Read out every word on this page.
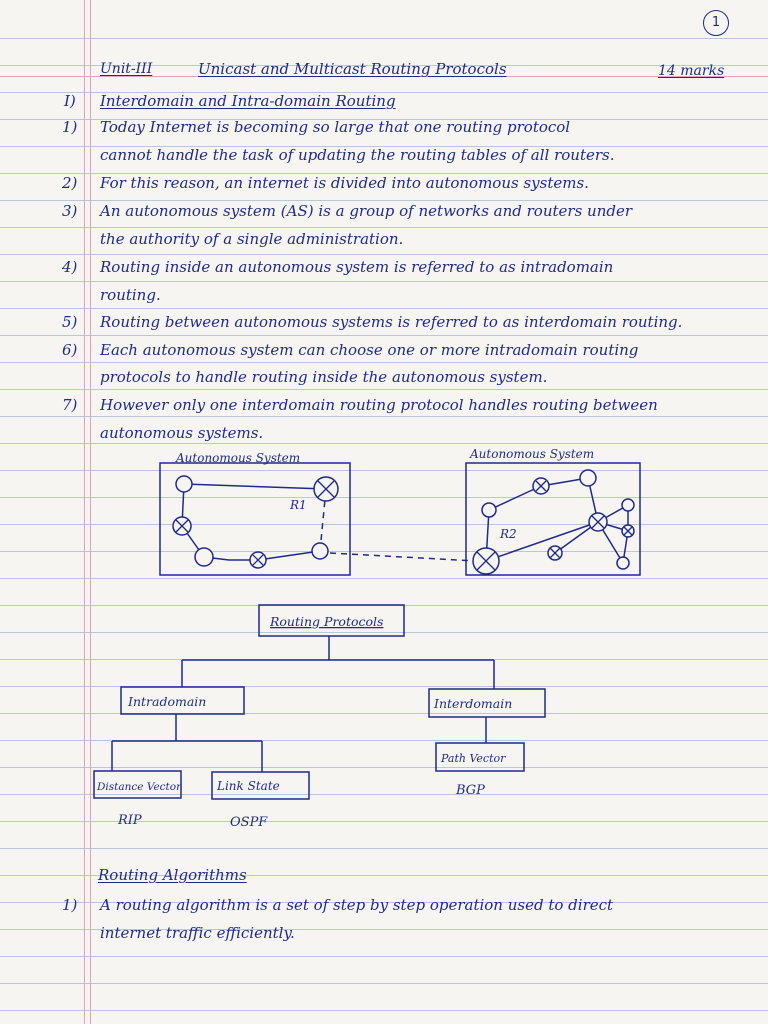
1
Unit-III	Unicast and Multicast Routing Protocols	14 marks
I) Interdomain and Intra-domain Routing
1) Today Internet is becoming so large that one routing protocol
cannot handle the task of updating the routing tables of all routers.
2) For this reason, an internet is divided into autonomous systems.
3) An autonomous system (AS) is a group of networks and routers under
the authority of a single administration.
4) Routing inside an autonomous system is referred to as intradomain
routing.
5) Routing between autonomous systems is referred to as interdomain routing.
6) Each autonomous system can choose one or more intradomain routing
protocols to handle routing inside the autonomous system.
7) However only one interdomain routing protocol handles routing between
autonomous systems.
Autonomous System	Autonomous System
R1
R2
Routing Protocols
Intradomain	Interdomain
Distance Vector	Link State
Path Vector
RIP	OSPF
BGP
Routing Algorithms
1) A routing algorithm is a set of step by step operation used to direct
internet traffic efficiently.
